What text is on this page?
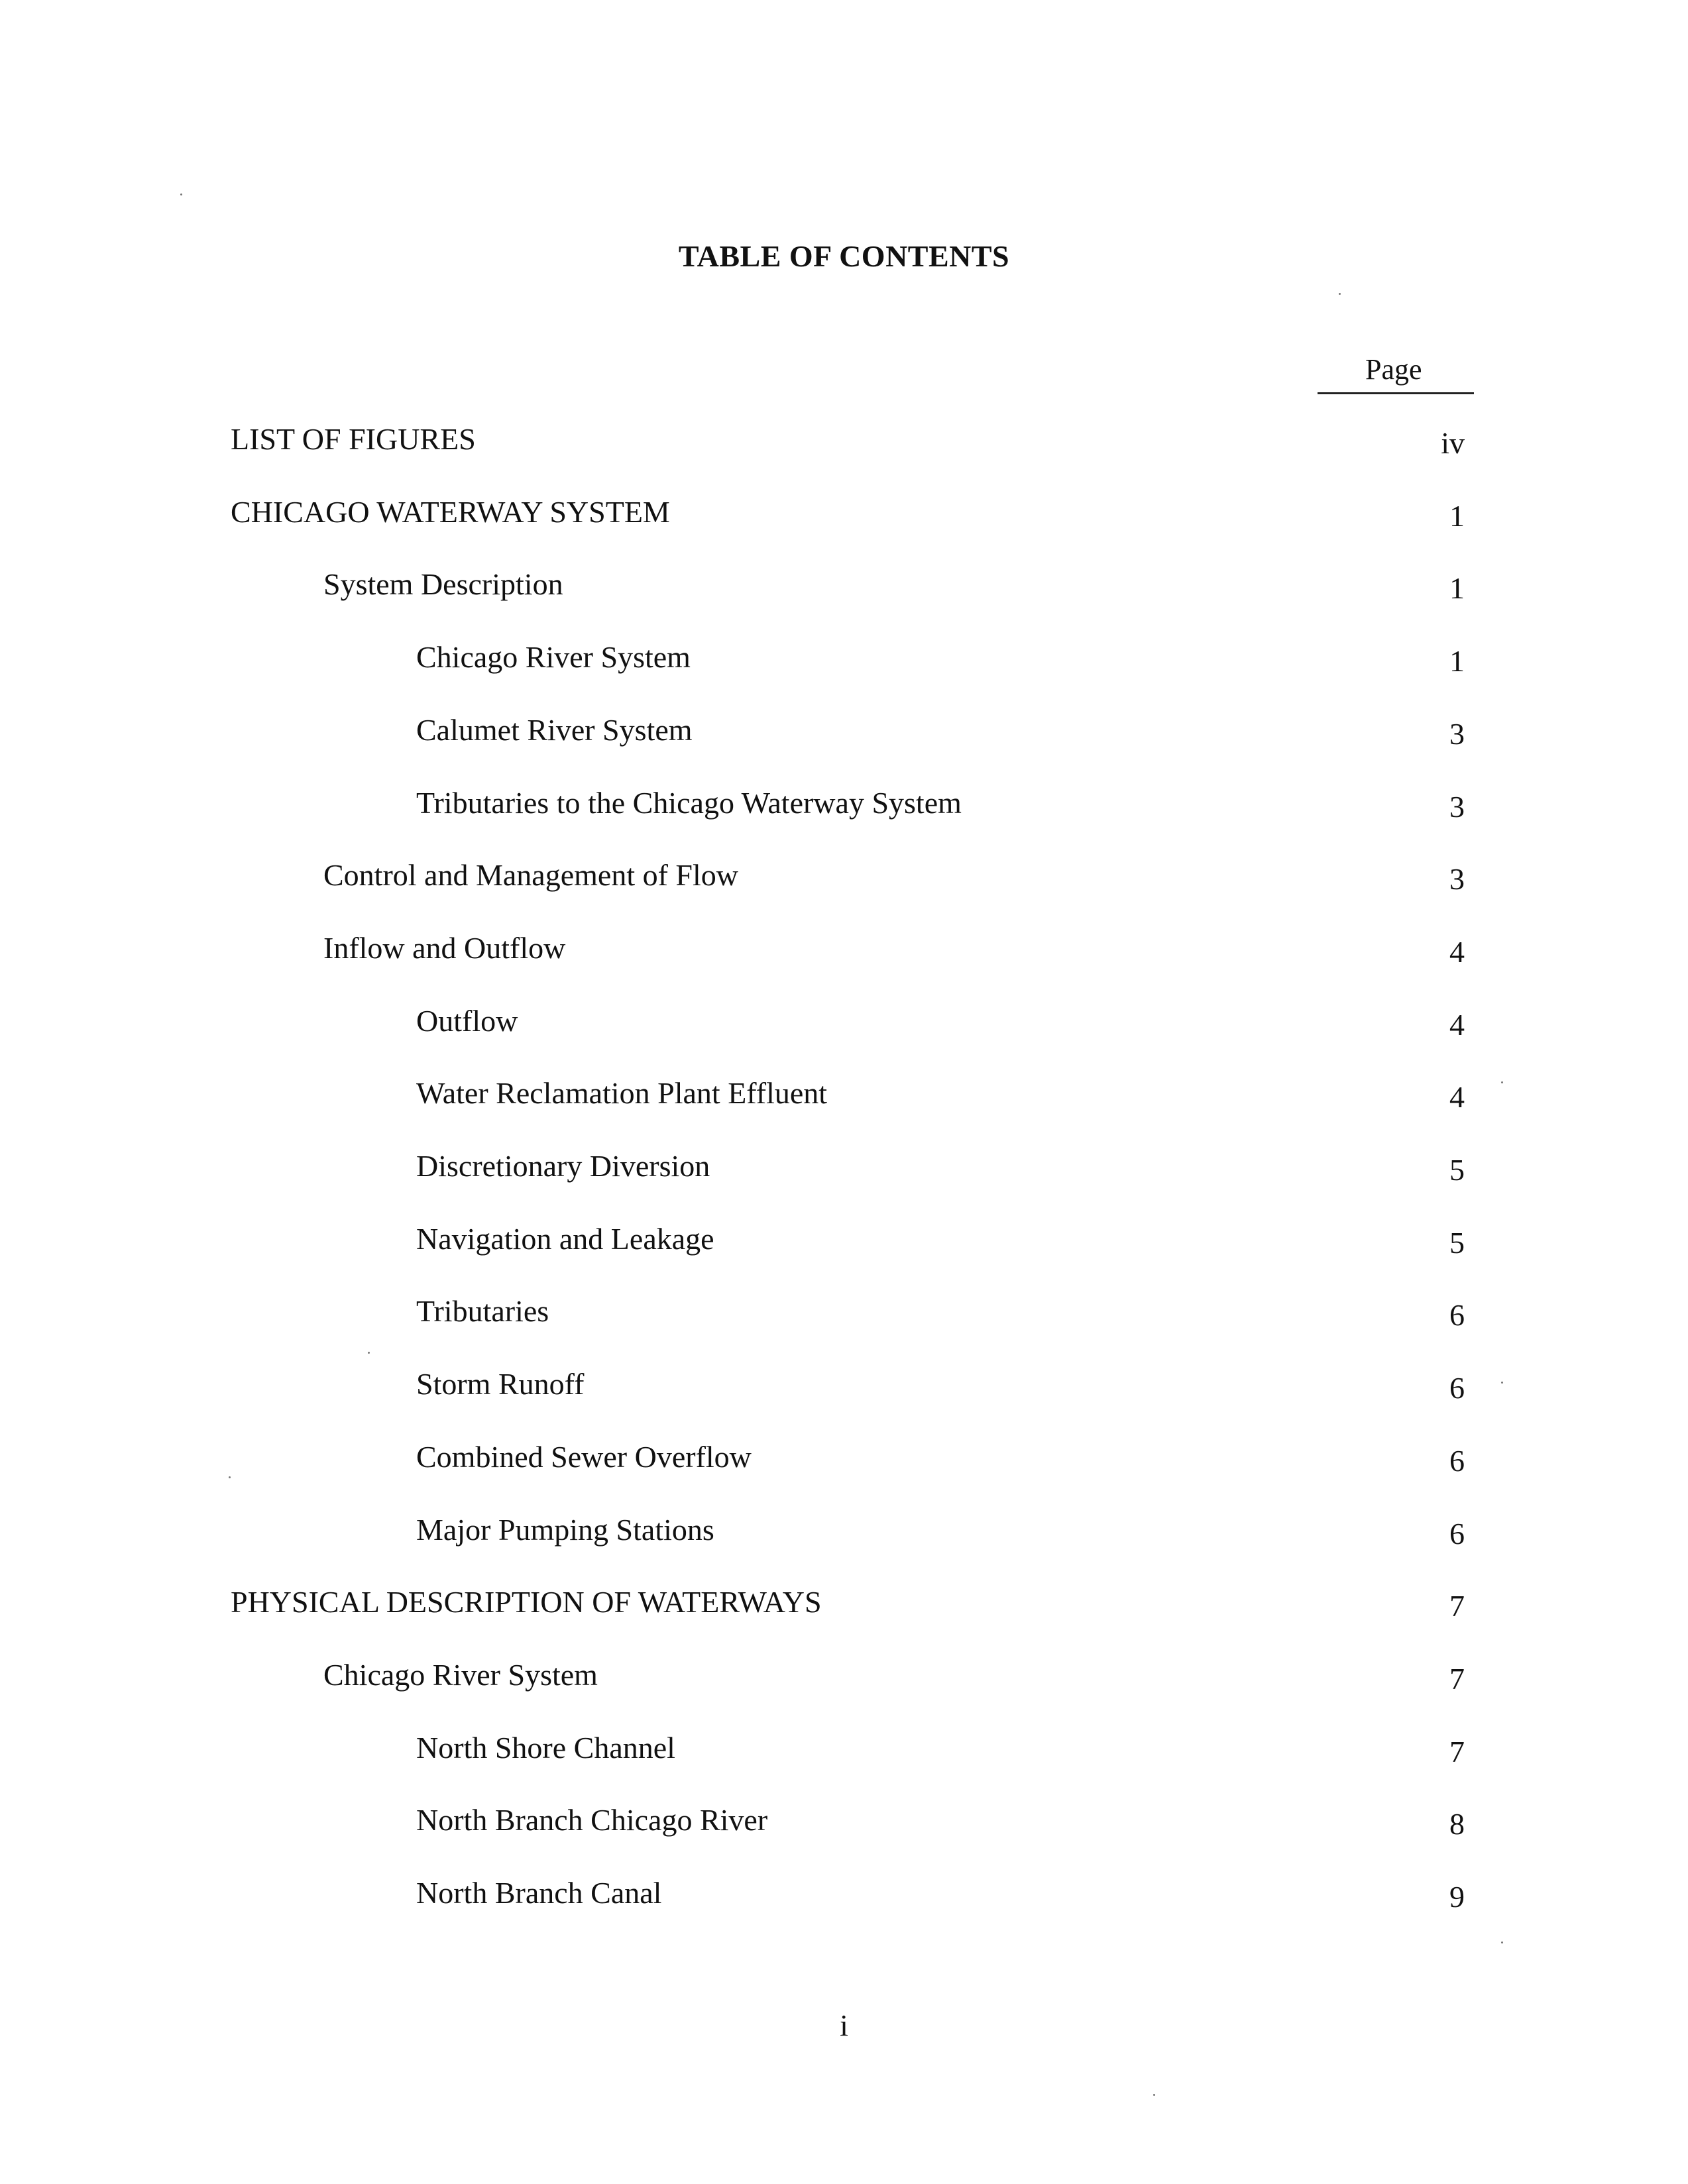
TABLE OF CONTENTS
Page
LIST OF FIGURES	iv
CHICAGO WATERWAY SYSTEM	1
System Description	1
Chicago River System	1
Calumet River System	3
Tributaries to the Chicago Waterway System	3
Control and Management of Flow	3
Inflow and Outflow	4
Outflow	4
Water Reclamation Plant Effluent	4
Discretionary Diversion	5
Navigation and Leakage	5
Tributaries	6
Storm Runoff	6
Combined Sewer Overflow	6
Major Pumping Stations	6
PHYSICAL DESCRIPTION OF WATERWAYS	7
Chicago River System	7
North Shore Channel	7
North Branch Chicago River	8
North Branch Canal	9
i
